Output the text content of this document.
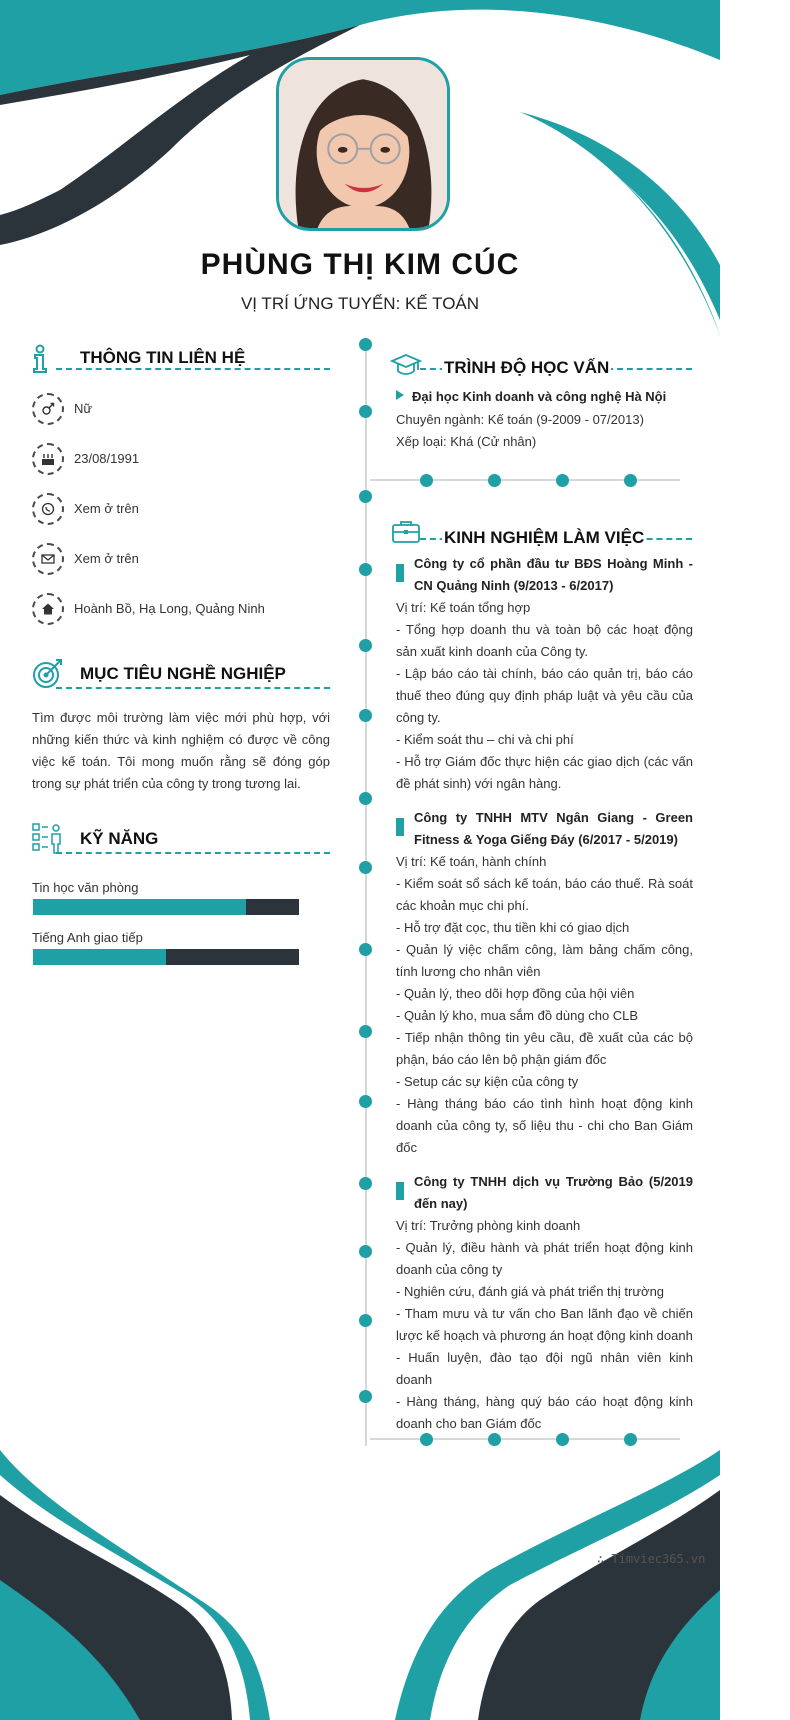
PHÙNG THỊ KIM CÚC
VỊ TRÍ ỨNG TUYỂN: KẾ TOÁN
THÔNG TIN LIÊN HỆ
Nữ
23/08/1991
Xem ở trên
Xem ở trên
Hoành Bồ, Hạ Long, Quảng Ninh
MỤC TIÊU NGHỀ NGHIỆP
Tìm được môi trường làm việc mới phù hợp, với những kiến thức và kinh nghiệm có được về công việc kế toán. Tôi mong muốn rằng sẽ đóng góp trong sự phát triển của công ty trong tương lai.
KỸ NĂNG
Tin học văn phòng
Tiếng Anh giao tiếp
TRÌNH ĐỘ HỌC VẤN
Đại học Kinh doanh và công nghệ Hà Nội
Chuyên ngành: Kế toán (9-2009 - 07/2013)
Xếp loại: Khá (Cử nhân)
KINH NGHIỆM LÀM VIỆC
Công ty cổ phần đầu tư BĐS Hoàng Minh - CN Quảng Ninh (9/2013 - 6/2017)
Vị trí: Kế toán tổng hợp
- Tổng hợp doanh thu và toàn bộ các hoạt động sản xuất kinh doanh của Công ty.
- Lập báo cáo tài chính, báo cáo quản trị, báo cáo thuế theo đúng quy định pháp luật và yêu cầu của công ty.
- Kiểm soát thu – chi và chi phí
- Hỗ trợ Giám đốc thực hiện các giao dịch (các vấn đề phát sinh) với ngân hàng.
Công ty TNHH MTV Ngân Giang - Green Fitness & Yoga Giếng Đáy (6/2017 - 5/2019)
Vị trí: Kế toán, hành chính
- Kiểm soát sổ sách kế toán, báo cáo thuế. Rà soát các khoản mục chi phí.
- Hỗ trợ đặt cọc, thu tiền khi có giao dịch
- Quản lý việc chấm công, làm bảng chấm công, tính lương cho nhân viên
- Quản lý, theo dõi hợp đồng của hội viên
- Quản lý kho, mua sắm đồ dùng cho CLB
- Tiếp nhận thông tin yêu cầu, đề xuất của các bộ phận, báo cáo lên bộ phận giám đốc
- Setup các sự kiện của công ty
- Hàng tháng báo cáo tình hình hoạt động kinh doanh của công ty, số liệu thu - chi cho Ban Giám đốc
Công ty TNHH dịch vụ Trường Bảo (5/2019 đến nay)
Vị trí: Trưởng phòng kinh doanh
- Quản lý, điều hành và phát triển hoạt động kinh doanh của công ty
- Nghiên cứu, đánh giá và phát triển thị trường
- Tham mưu và tư vấn cho Ban lãnh đạo về chiến lược kế hoạch và phương án hoạt động kinh doanh
- Huấn luyện, đào tạo đội ngũ nhân viên kinh doanh
- Hàng tháng, hàng quý báo cáo hoạt động kinh doanh cho ban Giám đốc
∴ Timviec365.vn
